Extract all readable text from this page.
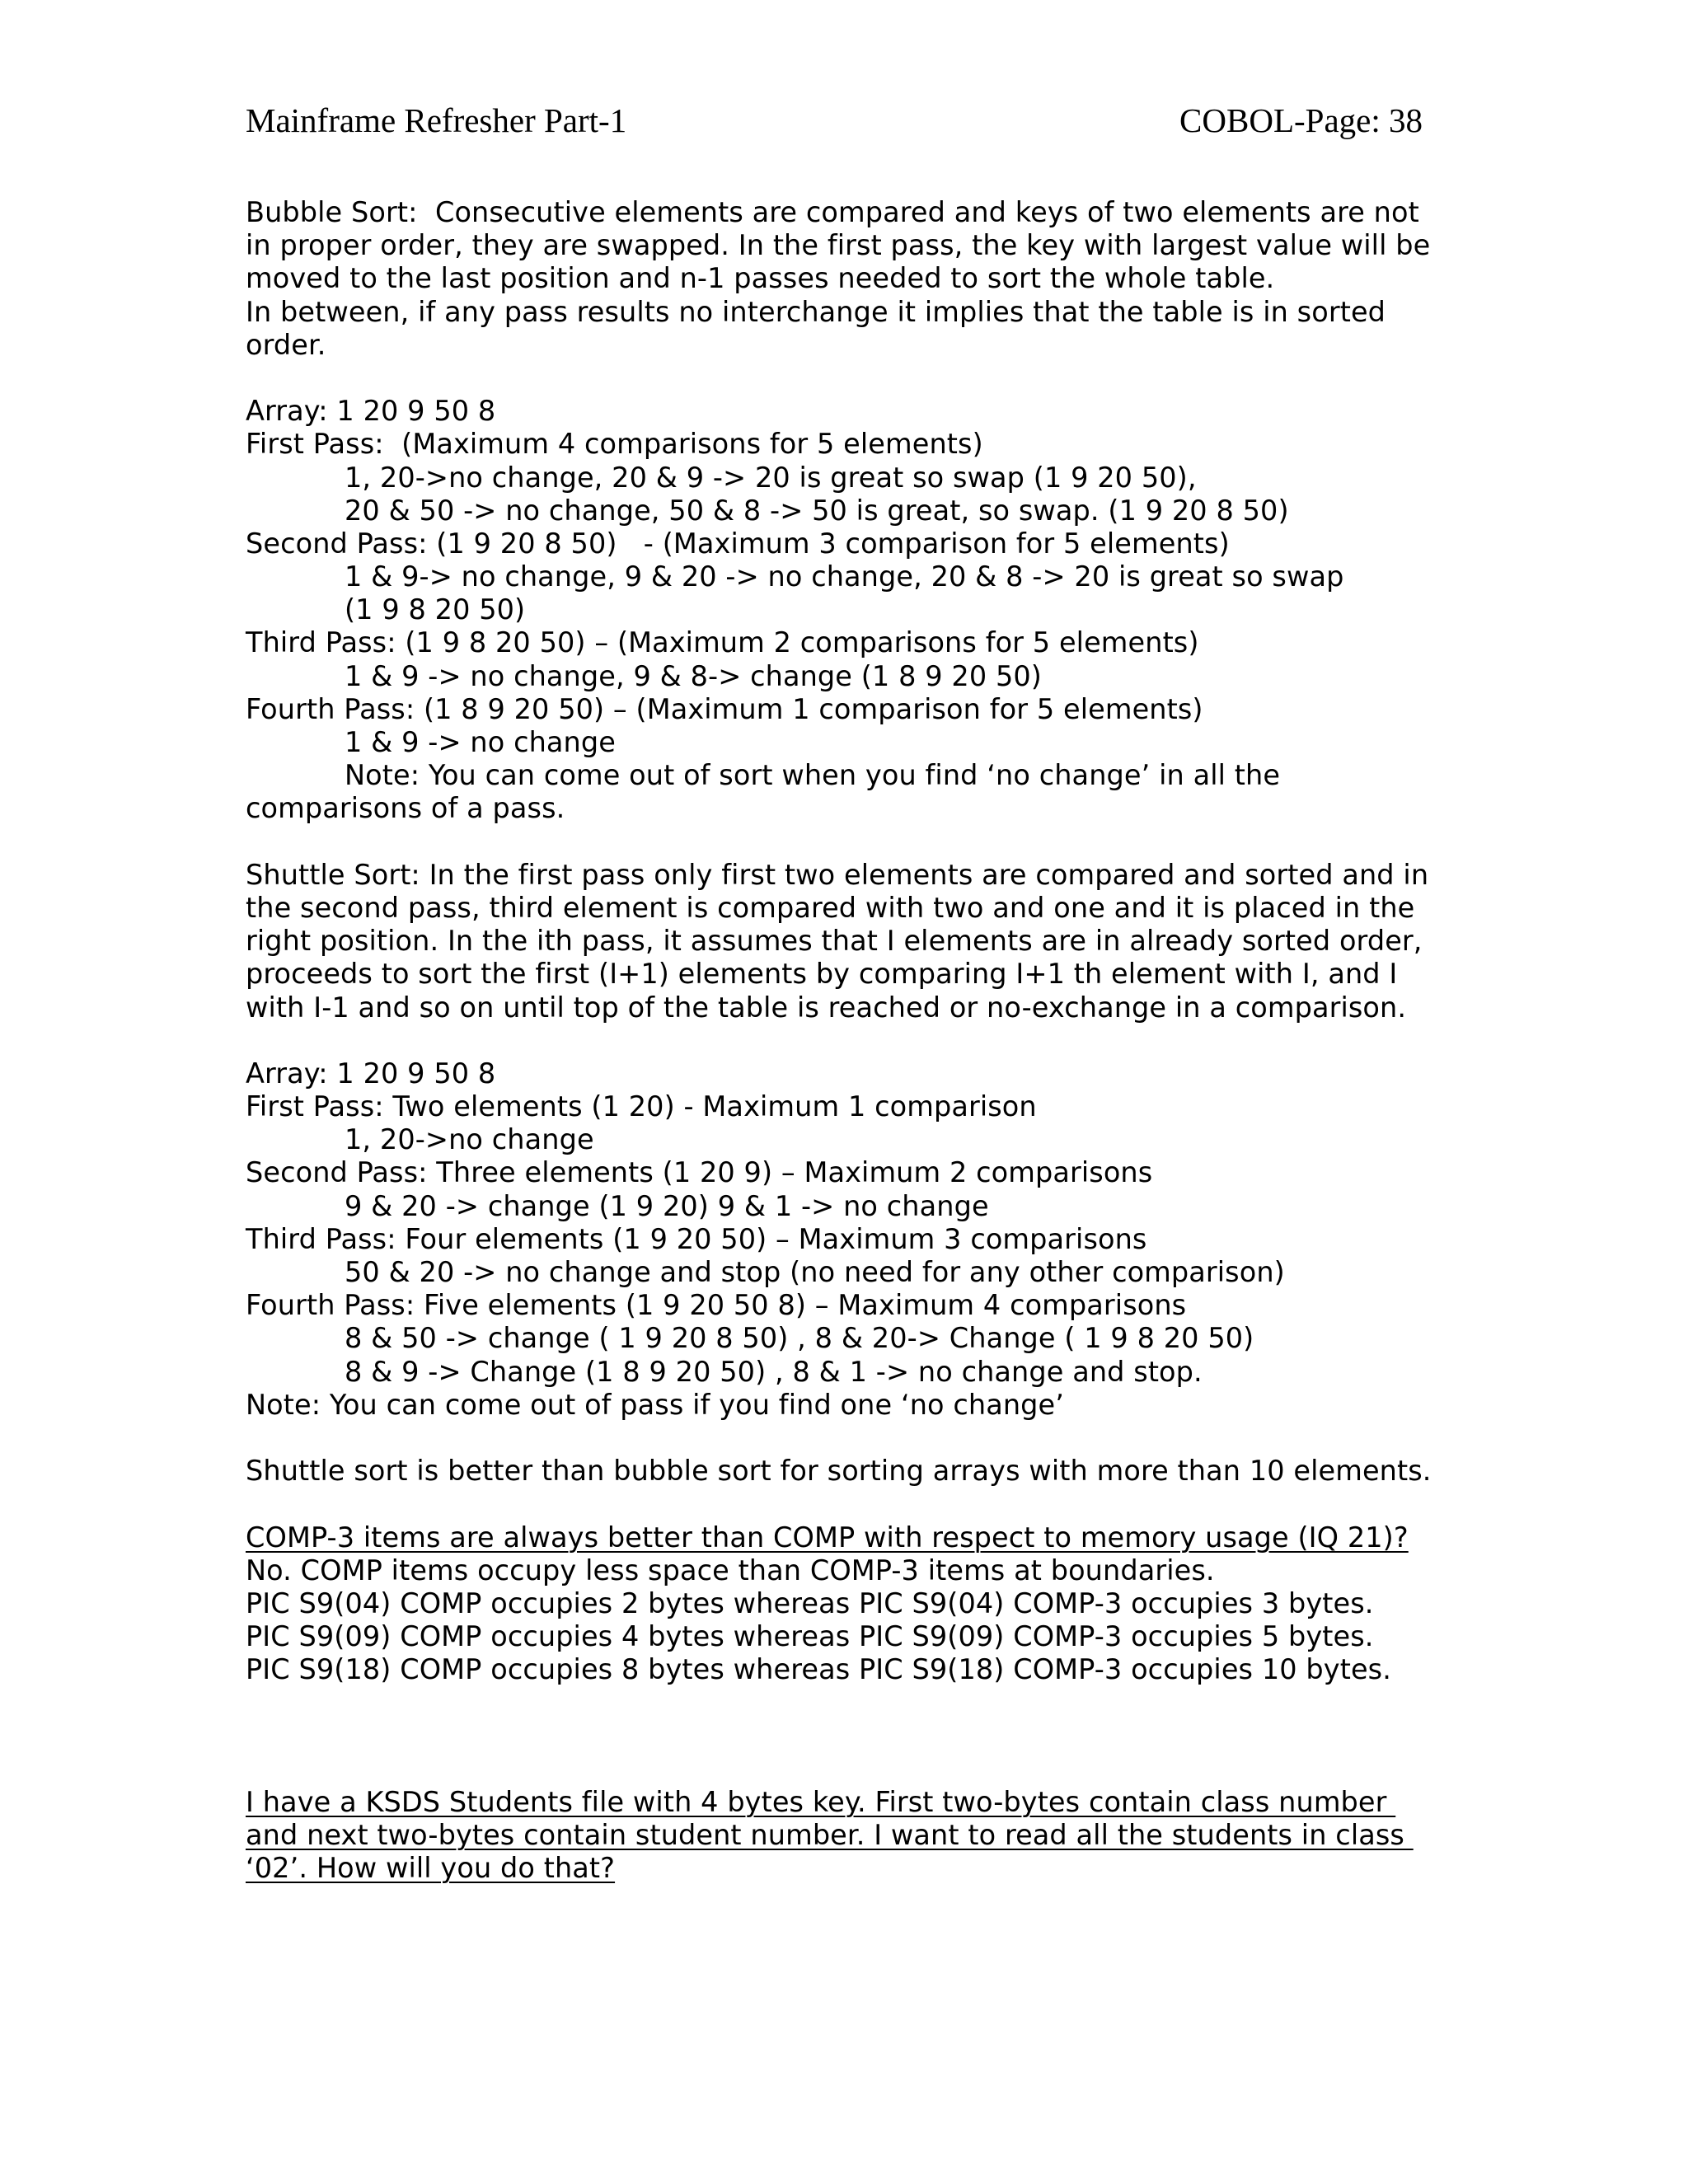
Mainframe Refresher Part-1	COBOL-Page: 38
Bubble Sort:  Consecutive elements are compared and keys of two elements are not
in proper order, they are swapped. In the first pass, the key with largest value will be
moved to the last position and n-1 passes needed to sort the whole table.
In between, if any pass results no interchange it implies that the table is in sorted
order.
Array: 1 20 9 50 8
First Pass:  (Maximum 4 comparisons for 5 elements)
1, 20->no change, 20 & 9 -> 20 is great so swap (1 9 20 50),
20 & 50 -> no change, 50 & 8 -> 50 is great, so swap. (1 9 20 8 50)
Second Pass: (1 9 20 8 50)   - (Maximum 3 comparison for 5 elements)
1 & 9-> no change, 9 & 20 -> no change, 20 & 8 -> 20 is great so swap
(1 9 8 20 50)
Third Pass: (1 9 8 20 50) – (Maximum 2 comparisons for 5 elements)
1 & 9 -> no change, 9 & 8-> change (1 8 9 20 50)
Fourth Pass: (1 8 9 20 50) – (Maximum 1 comparison for 5 elements)
1 & 9 -> no change
Note: You can come out of sort when you find ‘no change’ in all the
comparisons of a pass.
Shuttle Sort: In the first pass only first two elements are compared and sorted and in
the second pass, third element is compared with two and one and it is placed in the
right position. In the ith pass, it assumes that I elements are in already sorted order,
proceeds to sort the first (I+1) elements by comparing I+1 th element with I, and I
with I-1 and so on until top of the table is reached or no-exchange in a comparison.
Array: 1 20 9 50 8
First Pass: Two elements (1 20) - Maximum 1 comparison
1, 20->no change
Second Pass: Three elements (1 20 9) – Maximum 2 comparisons
9 & 20 -> change (1 9 20) 9 & 1 -> no change
Third Pass: Four elements (1 9 20 50) – Maximum 3 comparisons
50 & 20 -> no change and stop (no need for any other comparison)
Fourth Pass: Five elements (1 9 20 50 8) – Maximum 4 comparisons
8 & 50 -> change ( 1 9 20 8 50) , 8 & 20-> Change ( 1 9 8 20 50)
8 & 9 -> Change (1 8 9 20 50) , 8 & 1 -> no change and stop.
Note: You can come out of pass if you find one ‘no change’
Shuttle sort is better than bubble sort for sorting arrays with more than 10 elements.
COMP-3 items are always better than COMP with respect to memory usage (IQ 21)?
No. COMP items occupy less space than COMP-3 items at boundaries.
PIC S9(04) COMP occupies 2 bytes whereas PIC S9(04) COMP-3 occupies 3 bytes.
PIC S9(09) COMP occupies 4 bytes whereas PIC S9(09) COMP-3 occupies 5 bytes.
PIC S9(18) COMP occupies 8 bytes whereas PIC S9(18) COMP-3 occupies 10 bytes.
I have a KSDS Students file with 4 bytes key. First two-bytes contain class number
and next two-bytes contain student number. I want to read all the students in class
‘02’. How will you do that?
